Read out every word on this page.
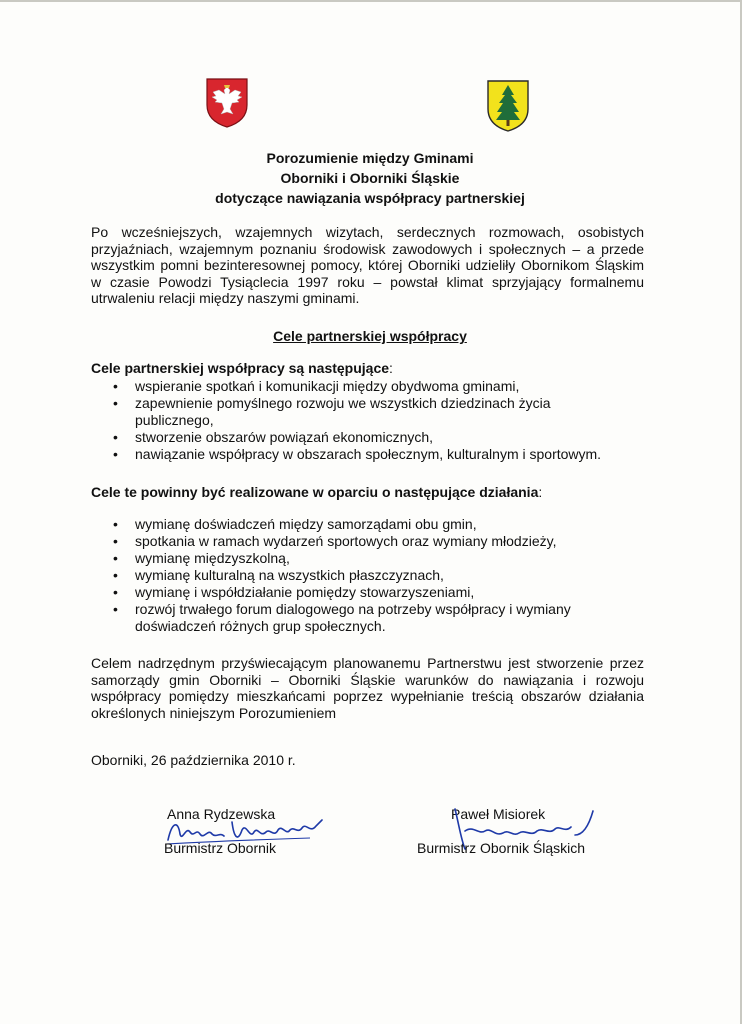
Porozumienie między Gminami
Oborniki i Oborniki Śląskie
dotyczące nawiązania współpracy partnerskiej
Po wcześniejszych, wzajemnych wizytach, serdecznych rozmowach, osobistych przyjaźniach, wzajemnym poznaniu środowisk zawodowych i społecznych – a przede wszystkim pomni bezinteresownej pomocy, której Oborniki udzieliły Obornikom Śląskim w czasie Powodzi Tysiąclecia 1997 roku – powstał klimat sprzyjający formalnemu utrwaleniu relacji między naszymi gminami.
Cele partnerskiej współpracy
Cele partnerskiej współpracy są następujące:
• wspieranie spotkań i komunikacji między obydwoma gminami,
• zapewnienie pomyślnego rozwoju we wszystkich dziedzinach życia publicznego,
• stworzenie obszarów powiązań ekonomicznych,
• nawiązanie współpracy w obszarach społecznym, kulturalnym i sportowym.
Cele te powinny być realizowane w oparciu o następujące działania:
• wymianę doświadczeń między samorządami obu gmin,
• spotkania w ramach wydarzeń sportowych oraz wymiany młodzieży,
• wymianę międzyszkolną,
• wymianę kulturalną na wszystkich płaszczyznach,
• wymianę i współdziałanie pomiędzy stowarzyszeniami,
• rozwój trwałego forum dialogowego na potrzeby współpracy i wymiany doświadczeń różnych grup społecznych.
Celem nadrzędnym przyświecającym planowanemu Partnerstwu jest stworzenie przez samorządy gmin Oborniki – Oborniki Śląskie warunków do nawiązania i rozwoju współpracy pomiędzy mieszkańcami poprzez wypełnianie treścią obszarów działania określonych niniejszym Porozumieniem
Oborniki, 26 października 2010 r.
Anna Rydzewska
Burmistrz Obornik
Paweł Misiorek
Burmistrz Obornik Śląskich
